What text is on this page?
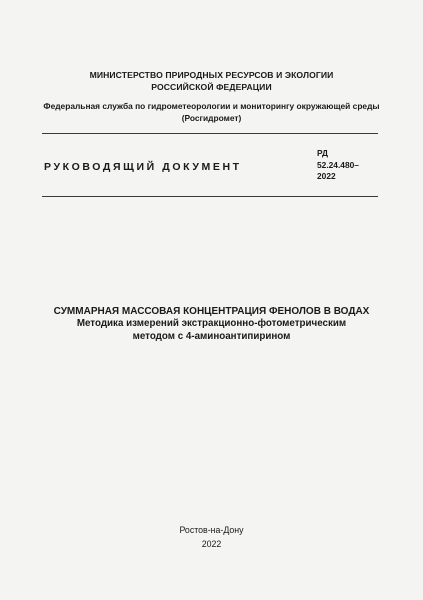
МИНИСТЕРСТВО ПРИРОДНЫХ РЕСУРСОВ И ЭКОЛОГИИ
РОССИЙСКОЙ ФЕДЕРАЦИИ
Федеральная служба по гидрометеорологии и мониторингу окружающей среды
(Росгидромет)
РУКОВОДЯЩИЙ ДОКУМЕНТ
РД
52.24.480–
2022
СУММАРНАЯ МАССОВАЯ КОНЦЕНТРАЦИЯ ФЕНОЛОВ В ВОДАХ
Методика измерений экстракционно-фотометрическим
методом с 4-аминоантипирином
Ростов-на-Дону
2022
